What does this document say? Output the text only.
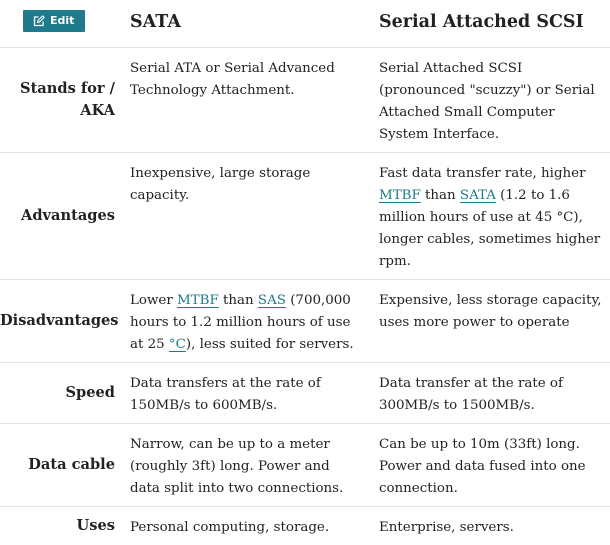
Edit	SATA	Serial Attached SCSI
Stands for / AKA	Serial ATA or Serial Advanced Technology Attachment.	Serial Attached SCSI (pronounced "scuzzy") or Serial Attached Small Computer System Interface.
Advantages	Inexpensive, large storage capacity.	Fast data transfer rate, higher MTBF than SATA (1.2 to 1.6 million hours of use at 45 °C), longer cables, sometimes higher rpm.
Disadvantages	Lower MTBF than SAS (700,000 hours to 1.2 million hours of use at 25 °C), less suited for servers.	Expensive, less storage capacity, uses more power to operate
Speed	Data transfers at the rate of 150MB/s to 600MB/s.	Data transfer at the rate of 300MB/s to 1500MB/s.
Data cable	Narrow, can be up to a meter (roughly 3ft) long. Power and data split into two connections.	Can be up to 10m (33ft) long. Power and data fused into one connection.
Uses	Personal computing, storage.	Enterprise, servers.
